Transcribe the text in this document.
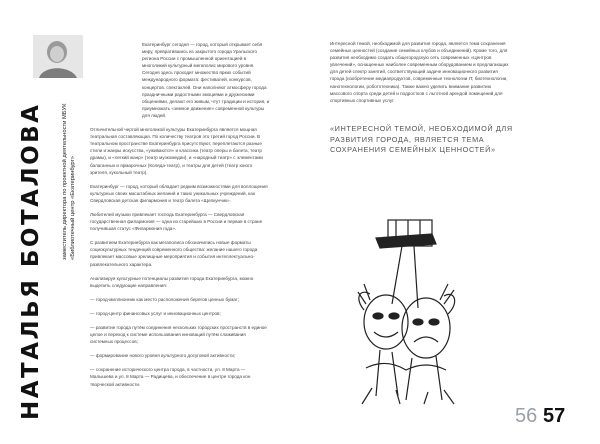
НАТАЛЬЯ БОТАЛОВА	заместитель директора по проектной деятельности МБУК «Библиотечный центр «Екатеринбург»

Екатеринбург сегодня — город, который открывает себя миру, превратившись из закрытого города Уральского региона России с промышленной ориентацией в многоликий культурный мегаполис мирового уровня. Сегодня здесь проходит множество ярких событий международного формата: фестивалей, конкурсов, концертов, спектаклей. Они наполняют атмосферу города праздничными радостными эмоциями и дружескими общениями, делают его живым, чтут традиции и история, и приумножать «земное движение» современной культуры для людей.

Отличительной чертой многоликой культуры Екатеринбурга является мощная театральная составляющая. По количеству театров это третий город России. В театральном пространстве Екатеринбурга присутствуют, переплетаются разные стили и жанры искусства, «уживаются» и классика (театр оперы и балета, театр драмы), и «легкий жанр» (театр музкомедии), и «народный театр» с элементами балаганных и ярмарочных (Коляда-театр), и театры для детей (театр юного зрителя, кукольный театр).

Екатеринбург — город, который обладает редким возможностями для воплощения культурных своих масштабных желаний и таких уникальных учреждений, как Свердловская детская филармония и театр балета «Щелкунчик».

Любителей музыки привлекает господь Екатеринбурга — Свердловская государственная филармония — одна из старейших в России и первая в стране получившая статус «Филармония года».

С развитием Екатеринбурга как мегаполиса обозначились новые форматы социокультурных тенденций современного общества: желание нашего города привлекает массовые зрелищные мероприятия и события интеллектуально-развлекательного характера.

Анализируя культурные потенциалы развития города Екатеринбурга, можно выделить следующие направления:

— город-миллионник как место расположения берегов ценных бумаг;

— город-центр финансовых услуг и инновационных центров;

— развитие города путём соединения нескольких городских пространств в единое целое и переход к системе использования инноваций путём слаживания системных процессов;

— формирование нового уровня культурного досуговой активности;

— сохранение исторического центра города, в частности, ул. 8 Марта — Малышева и ул. 8 Марта — Радищева, и обеспечение в центре города кон творческой активности.

Интересной темой, необходимой для развития города, является тема сохранения семейных ценностей (создание семейных клубов и объединений). Кроме того, для развития необходимо создать общегородскую сеть современных «Центров увлечений», оснащенных наиболее современным оборудованием и предлагающих для детей спектр занятий, соответствующий задаче инновационного развития города (изобретение медиапродуктов, современные технологии IT, биотехнологии, нанотехнологии, робототехника). Также важно уделить внимание развитию массового спорта среди детей и подростков с льготной арендой помещений для спортивных спортивных услуг.

«ИНТЕРЕСНОЙ ТЕМОЙ, НЕОБХОДИМОЙ ДЛЯ РАЗВИТИЯ ГОРОДА, ЯВЛЯЕТСЯ ТЕМА СОХРАНЕНИЯ СЕМЕЙНЫХ ЦЕННОСТЕЙ»
56 57
